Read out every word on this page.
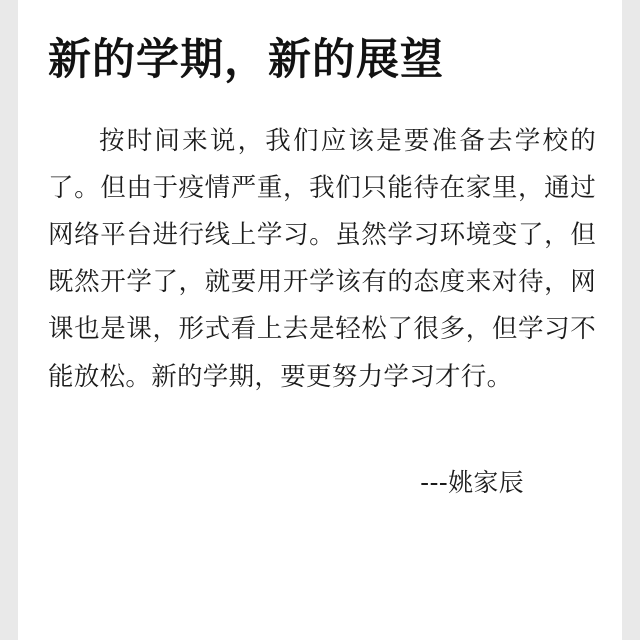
新的学期，新的展望

按时间来说，我们应该是要准备去学校的了。但由于疫情严重，我们只能待在家里，通过网络平台进行线上学习。虽然学习环境变了，但既然开学了，就要用开学该有的态度来对待，网课也是课，形式看上去是轻松了很多，但学习不能放松。新的学期，要更努力学习才行。

---姚家辰
